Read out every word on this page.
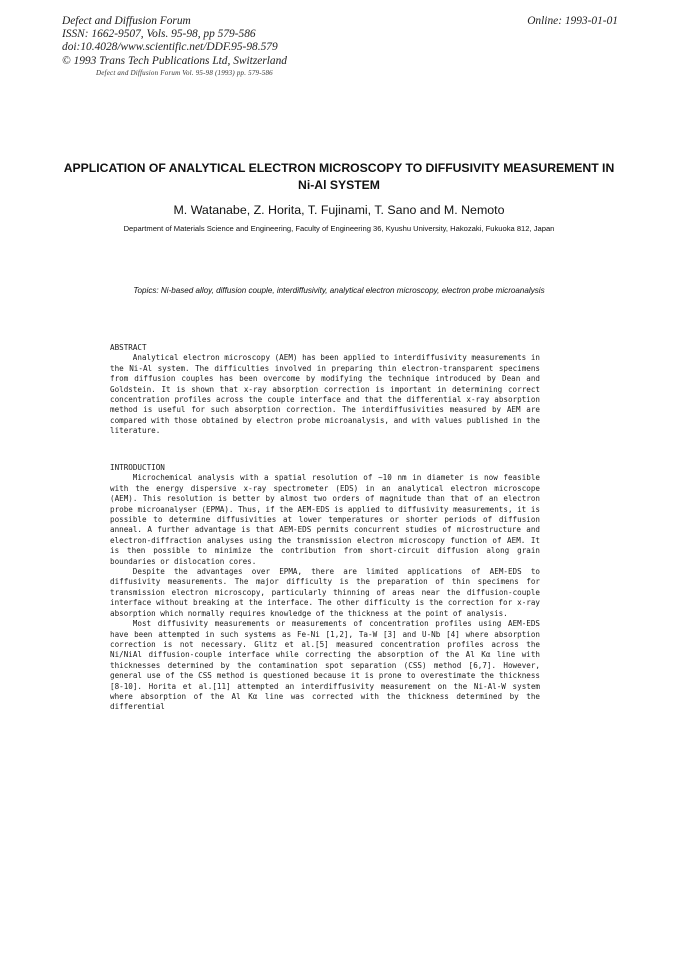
Defect and Diffusion Forum
ISSN: 1662-9507, Vols. 95-98, pp 579-586
doi:10.4028/www.scientific.net/DDF.95-98.579
© 1993 Trans Tech Publications Ltd, Switzerland
Online: 1993-01-01
Defect and Diffusion Forum Vol. 95-98 (1993) pp. 579-586
APPLICATION OF ANALYTICAL ELECTRON MICROSCOPY TO DIFFUSIVITY MEASUREMENT IN Ni-Al SYSTEM
M. Watanabe, Z. Horita, T. Fujinami, T. Sano and M. Nemoto
Department of Materials Science and Engineering, Faculty of Engineering 36, Kyushu University, Hakozaki, Fukuoka 812, Japan
Topics: Ni-based alloy, diffusion couple, interdiffusivity, analytical electron microscopy, electron probe microanalysis
ABSTRACT

Analytical electron microscopy (AEM) has been applied to interdiffusivity measurements in the Ni-Al system. The difficulties involved in preparing thin electron-transparent specimens from diffusion couples has been overcome by modifying the technique introduced by Dean and Goldstein. It is shown that x-ray absorption correction is important in determining correct concentration profiles across the couple interface and that the differential x-ray absorption method is useful for such absorption correction. The interdiffusivities measured by AEM are compared with those obtained by electron probe microanalysis, and with values published in the literature.

INTRODUCTION

Microchemical analysis with a spatial resolution of ~10 nm in diameter is now feasible with the energy dispersive x-ray spectrometer (EDS) in an analytical electron microscope (AEM). This resolution is better by almost two orders of magnitude than that of an electron probe microanalyser (EPMA). Thus, if the AEM-EDS is applied to diffusivity measurements, it is possible to determine diffusivities at lower temperatures or shorter periods of diffusion anneal. A further advantage is that AEM-EDS permits concurrent studies of microstructure and electron-diffraction analyses using the transmission electron microscopy function of AEM. It is then possible to minimize the contribution from short-circuit diffusion along grain boundaries or dislocation cores.

Despite the advantages over EPMA, there are limited applications of AEM-EDS to diffusivity measurements. The major difficulty is the preparation of thin specimens for transmission electron microscopy, particularly thinning of areas near the diffusion-couple interface without breaking at the interface. The other difficulty is the correction for x-ray absorption which normally requires knowledge of the thickness at the point of analysis.

Most diffusivity measurements or measurements of concentration profiles using AEM-EDS have been attempted in such systems as Fe-Ni [1,2], Ta-W [3] and U-Nb [4] where absorption correction is not necessary. Glitz et al.[5] measured concentration profiles across the Ni/NiAl diffusion-couple interface while correcting the absorption of the Al Kα line with thicknesses determined by the contamination spot separation (CSS) method [6,7]. However, general use of the CSS method is questioned because it is prone to overestimate the thickness [8-10]. Horita et al.[11] attempted an interdiffusivity measurement on the Ni-Al-W system where absorption of the Al Kα line was corrected with the thickness determined by the differential
